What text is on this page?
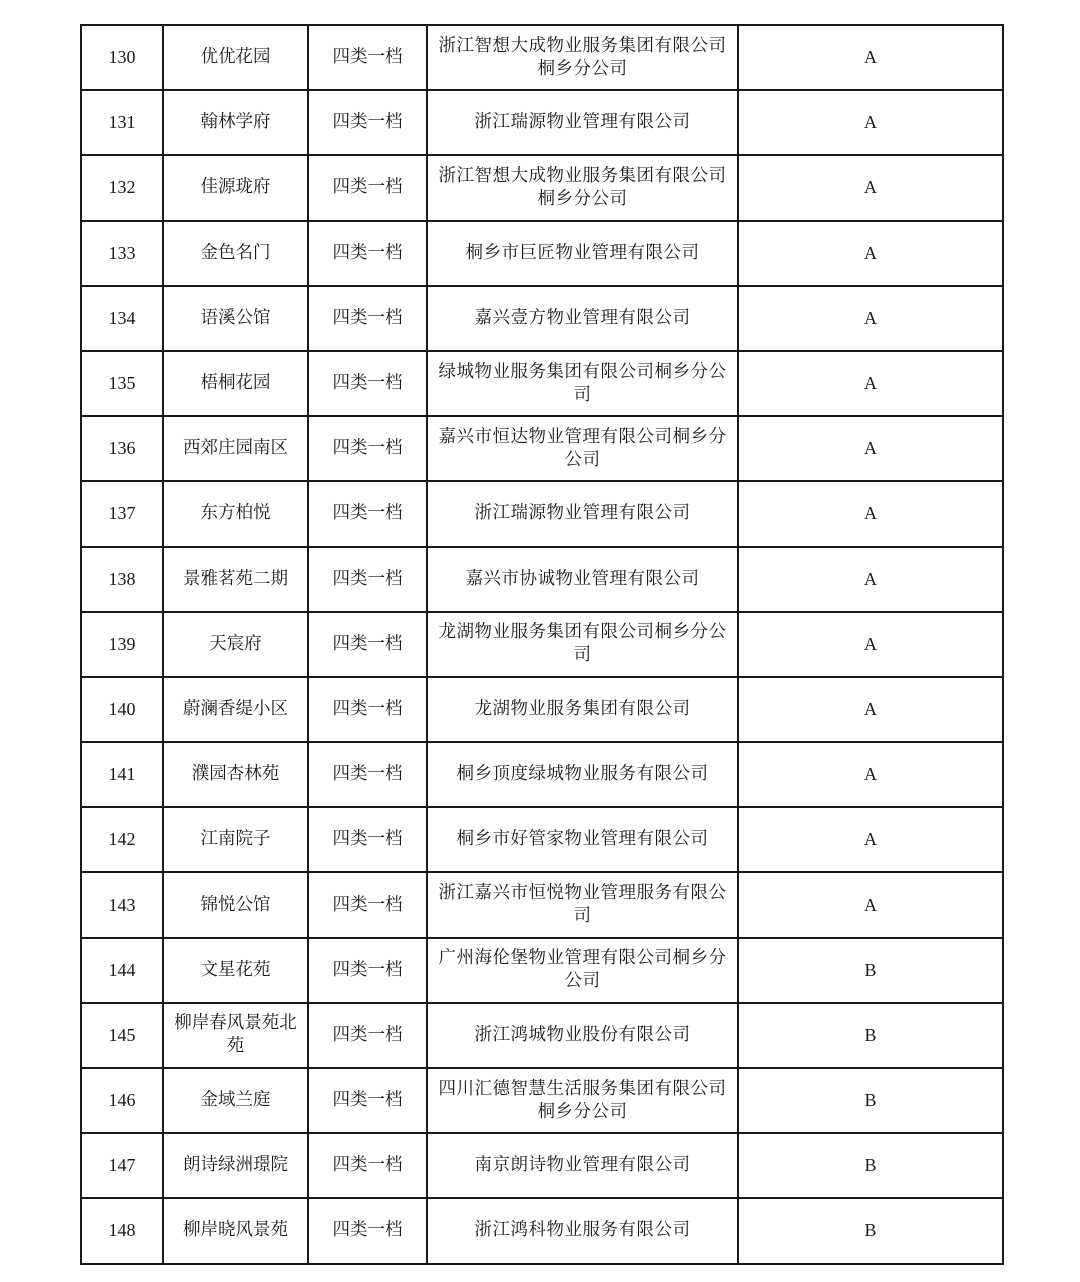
130	优优花园	四类一档	浙江智想大成物业服务集团有限公司桐乡分公司	A
131	翰林学府	四类一档	浙江瑞源物业管理有限公司	A
132	佳源珑府	四类一档	浙江智想大成物业服务集团有限公司桐乡分公司	A
133	金色名门	四类一档	桐乡市巨匠物业管理有限公司	A
134	语溪公馆	四类一档	嘉兴壹方物业管理有限公司	A
135	梧桐花园	四类一档	绿城物业服务集团有限公司桐乡分公司	A
136	西郊庄园南区	四类一档	嘉兴市恒达物业管理有限公司桐乡分公司	A
137	东方柏悦	四类一档	浙江瑞源物业管理有限公司	A
138	景雅茗苑二期	四类一档	嘉兴市协诚物业管理有限公司	A
139	天宸府	四类一档	龙湖物业服务集团有限公司桐乡分公司	A
140	蔚澜香缇小区	四类一档	龙湖物业服务集团有限公司	A
141	濮园杏林苑	四类一档	桐乡顶度绿城物业服务有限公司	A
142	江南院子	四类一档	桐乡市好管家物业管理有限公司	A
143	锦悦公馆	四类一档	浙江嘉兴市恒悦物业管理服务有限公司	A
144	文星花苑	四类一档	广州海伦堡物业管理有限公司桐乡分公司	B
145	柳岸春风景苑北苑	四类一档	浙江鸿城物业股份有限公司	B
146	金域兰庭	四类一档	四川汇德智慧生活服务集团有限公司桐乡分公司	B
147	朗诗绿洲璟院	四类一档	南京朗诗物业管理有限公司	B
148	柳岸晓风景苑	四类一档	浙江鸿科物业服务有限公司	B
